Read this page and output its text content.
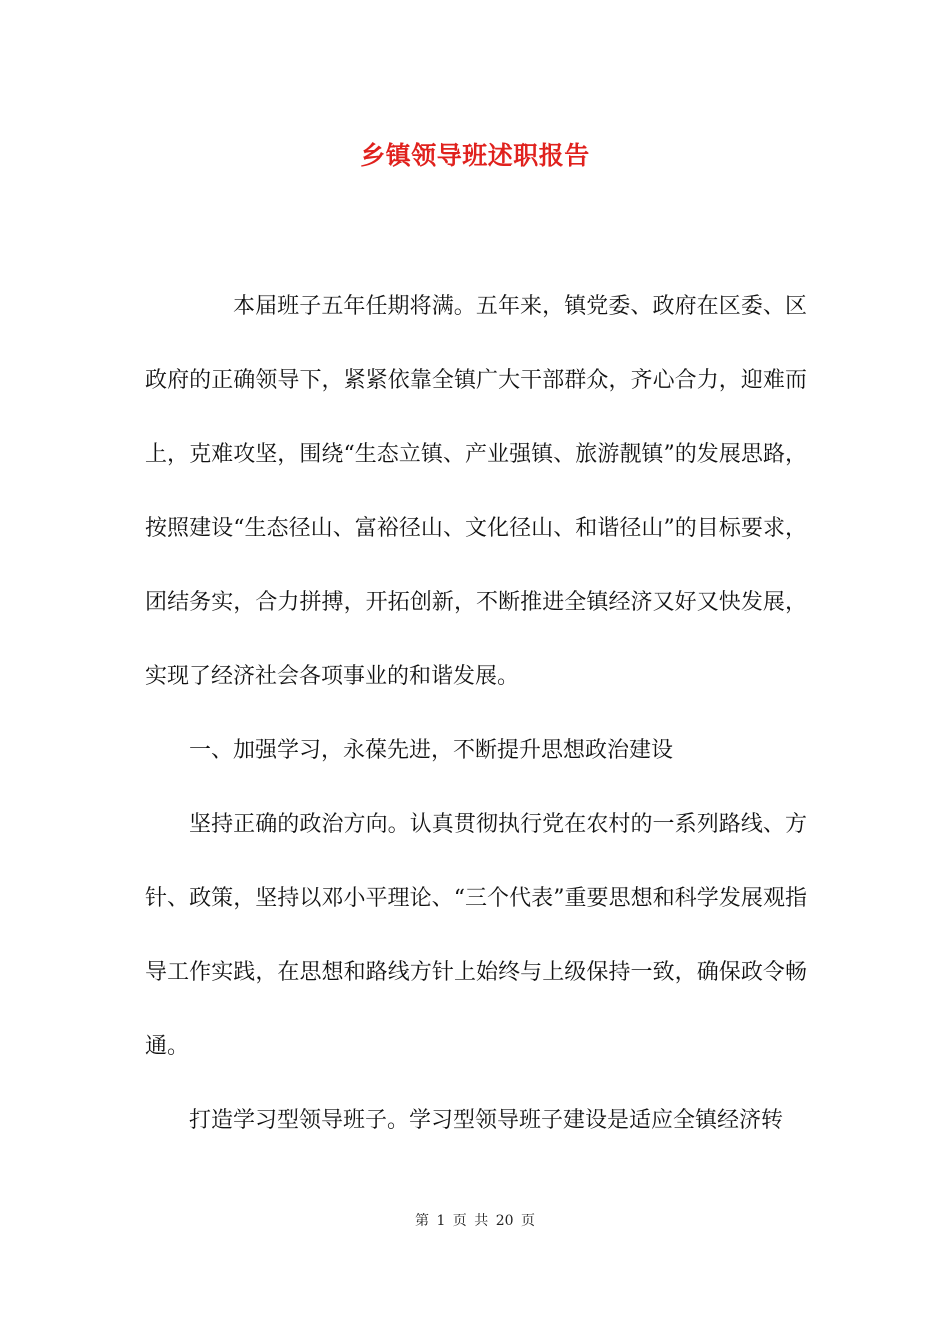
乡镇领导班述职报告

本届班子五年任期将满。五年来，镇党委、政府在区委、区政府的正确领导下，紧紧依靠全镇广大干部群众，齐心合力，迎难而上，克难攻坚，围绕“生态立镇、产业强镇、旅游靓镇”的发展思路，按照建设“生态径山、富裕径山、文化径山、和谐径山”的目标要求，团结务实，合力拼搏，开拓创新，不断推进全镇经济又好又快发展，实现了经济社会各项事业的和谐发展。

一、加强学习，永葆先进，不断提升思想政治建设

坚持正确的政治方向。认真贯彻执行党在农村的一系列路线、方针、政策，坚持以邓小平理论、“三个代表”重要思想和科学发展观指导工作实践，在思想和路线方针上始终与上级保持一致，确保政令畅通。

打造学习型领导班子。学习型领导班子建设是适应全镇经济转

第 1 页 共 20 页
